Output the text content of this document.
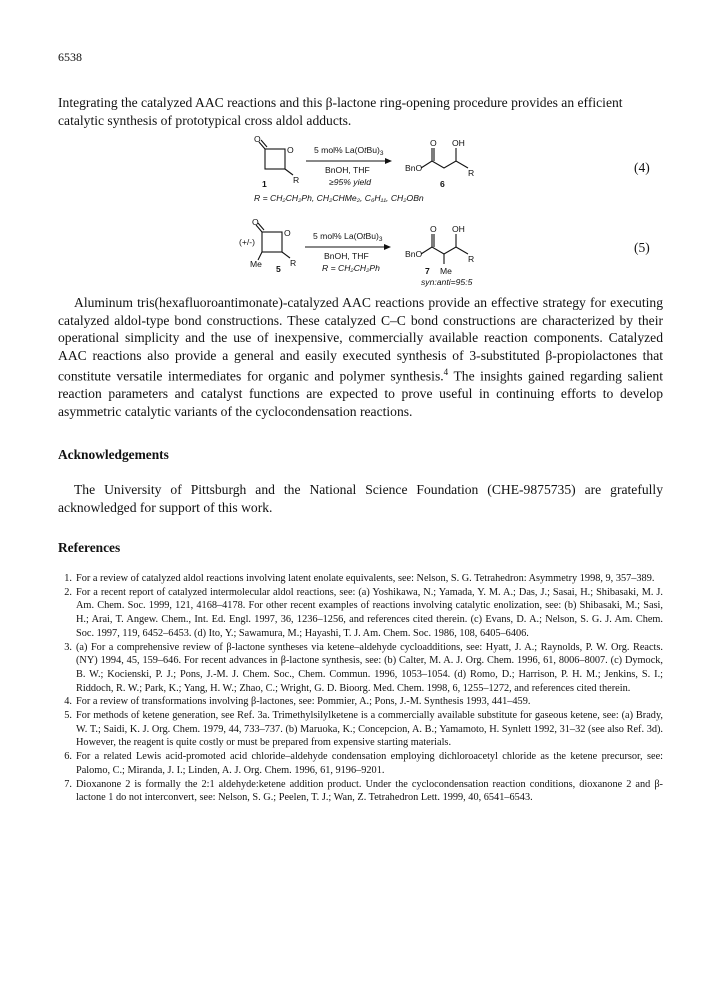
6538

Integrating the catalyzed AAC reactions and this β-lactone ring-opening procedure provides an efficient
catalytic synthesis of prototypical cross aldol adducts.

O
O
R
1
5 mol% $La(OtBu)_3$
BnOH, THF
≥95% yield
BnO
O OH
R
6
R = CH₂CH₂Ph, CH₂CHMe₂, C₆H₁₁, CH₂OBn
(4)
(+/-)
O
O
Me	R
5
5 mol% $La(OtBu)_3$
BnOH, THF
R = CH₂CH₂Ph
BnO
O OH
R
7 Me
syn:anti=95:5
(5)

Aluminum tris(hexafluoroantimonate)-catalyzed AAC reactions provide an effective strategy for executing catalyzed aldol-type bond constructions. These catalyzed C–C bond constructions are characterized by their operational simplicity and the use of inexpensive, commercially available reaction components. Catalyzed AAC reactions also provide a general and easily executed synthesis of 3-substituted β-propiolactones that constitute versatile intermediates for organic and polymer synthesis.$^4$ The insights gained regarding salient reaction parameters and catalyst functions are expected to prove useful in continuing efforts to develop asymmetric catalytic variants of the cyclocondensation reactions.

Acknowledgements

The University of Pittsburgh and the National Science Foundation (CHE-9875735) are gratefully acknowledged for support of this work.

References
1. For a review of catalyzed aldol reactions involving latent enolate equivalents, see: Nelson, S. G. Tetrahedron: Asymmetry 1998, 9, 357–389.
2. For a recent report of catalyzed intermolecular aldol reactions, see: (a) Yoshikawa, N.; Yamada, Y. M. A.; Das, J.; Sasai, H.; Shibasaki, M. J. Am. Chem. Soc. 1999, 121, 4168–4178. For other recent examples of reactions involving catalytic enolization, see: (b) Shibasaki, M.; Sasi, H.; Arai, T. Angew. Chem., Int. Ed. Engl. 1997, 36, 1236–1256, and references cited therein. (c) Evans, D. A.; Nelson, S. G. J. Am. Chem. Soc. 1997, 119, 6452–6453. (d) Ito, Y.; Sawamura, M.; Hayashi, T. J. Am. Chem. Soc. 1986, 108, 6405–6406.
3. (a) For a comprehensive review of β-lactone syntheses via ketene–aldehyde cycloadditions, see: Hyatt, J. A.; Raynolds, P. W. Org. Reacts. (NY) 1994, 45, 159–646. For recent advances in β-lactone synthesis, see: (b) Calter, M. A. J. Org. Chem. 1996, 61, 8006–8007. (c) Dymock, B. W.; Kocienski, P. J.; Pons, J.-M. J. Chem. Soc., Chem. Commun. 1996, 1053–1054. (d) Romo, D.; Harrison, P. H. M.; Jenkins, S. I.; Riddoch, R. W.; Park, K.; Yang, H. W.; Zhao, C.; Wright, G. D. Bioorg. Med. Chem. 1998, 6, 1255–1272, and references cited therein.
4. For a review of transformations involving β-lactones, see: Pommier, A.; Pons, J.-M. Synthesis 1993, 441–459.
5. For methods of ketene generation, see Ref. 3a. Trimethylsilylketene is a commercially available substitute for gaseous ketene, see: (a) Brady, W. T.; Saidi, K. J. Org. Chem. 1979, 44, 733–737. (b) Maruoka, K.; Concepcion, A. B.; Yamamoto, H. Synlett 1992, 31–32 (see also Ref. 3d). However, the reagent is quite costly or must be prepared from expensive starting materials.
6. For a related Lewis acid-promoted acid chloride–aldehyde condensation employing dichloroacetyl chloride as the ketene precursor, see: Palomo, C.; Miranda, J. I.; Linden, A. J. Org. Chem. 1996, 61, 9196–9201.
7. Dioxanone 2 is formally the 2:1 aldehyde:ketene addition product. Under the cyclocondensation reaction conditions, dioxanone 2 and β-lactone 1 do not interconvert, see: Nelson, S. G.; Peelen, T. J.; Wan, Z. Tetrahedron Lett. 1999, 40, 6541–6543.
